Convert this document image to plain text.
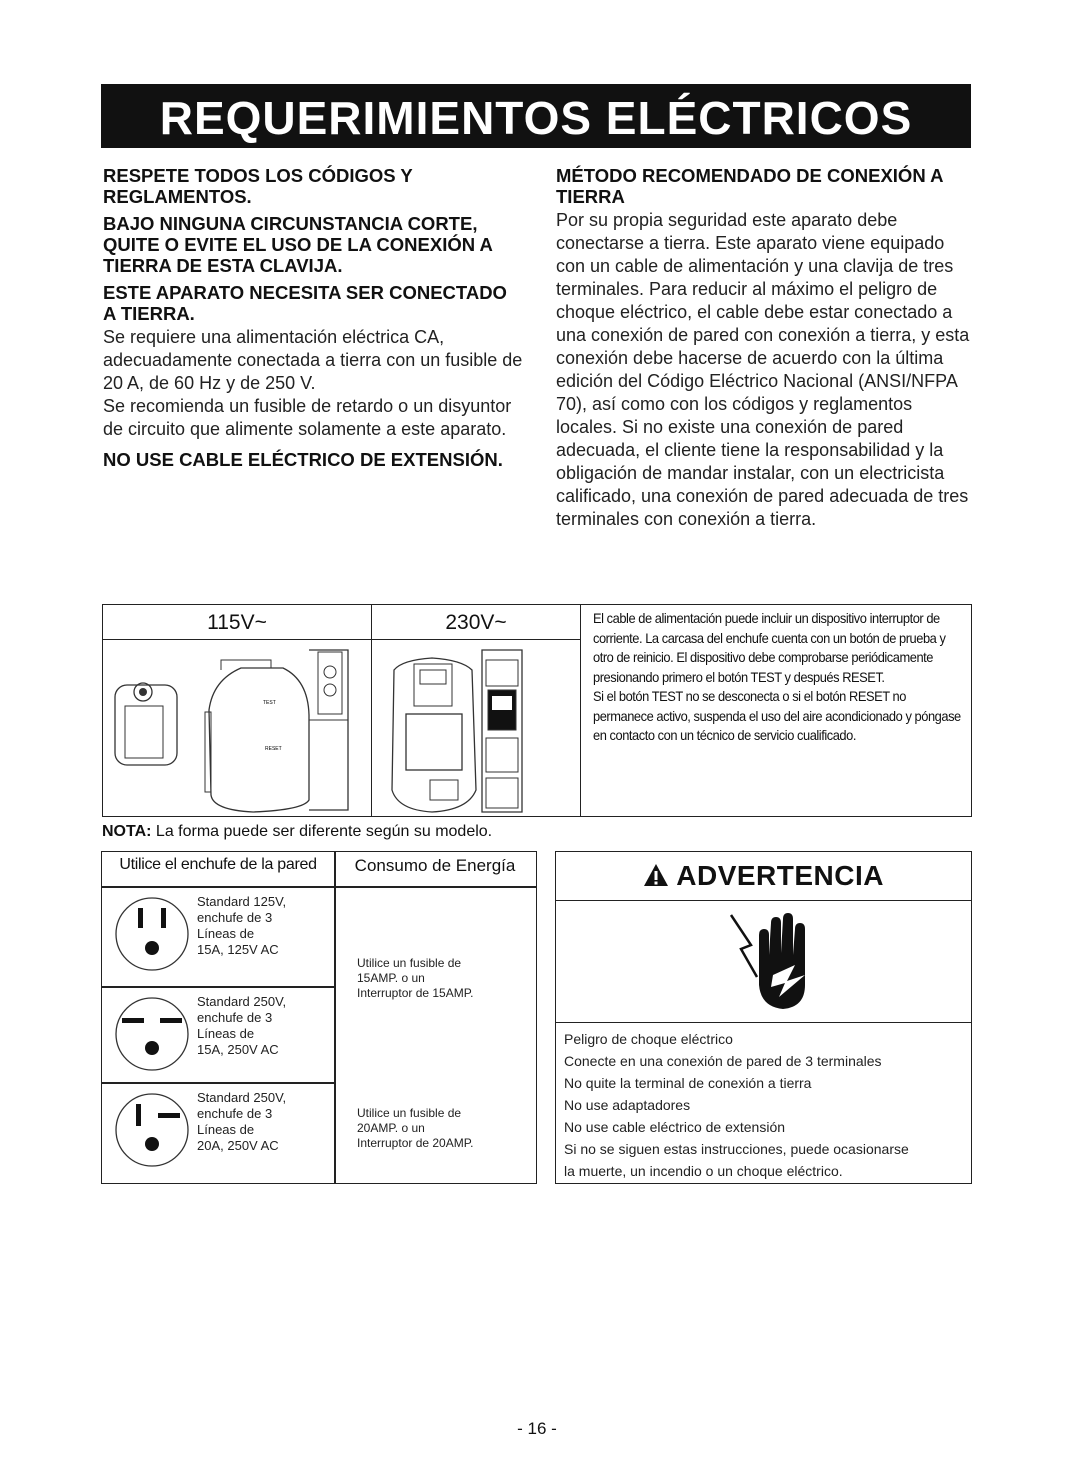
REQUERIMIENTOS ELÉCTRICOS
RESPETE TODOS LOS CÓDIGOS Y REGLAMENTOS.
BAJO NINGUNA CIRCUNSTANCIA CORTE, QUITE O EVITE EL USO DE LA CONEXIÓN A TIERRA DE ESTA CLAVIJA.
ESTE APARATO NECESITA SER CONECTADO A TIERRA.

Se requiere una alimentación eléctrica CA, adecuadamente conectada a tierra con un fusible de 20 A, de 60 Hz y de 250 V.

Se recomienda un fusible de retardo o un disyuntor de circuito que alimente solamente a este aparato.

NO USE CABLE ELÉCTRICO DE EXTENSIÓN.
MÉTODO RECOMENDADO DE CONEXIÓN A TIERRA

Por su propia seguridad este aparato debe conectarse a tierra. Este aparato viene equipado con un cable de alimentación y una clavija de tres terminales. Para reducir al máximo el peligro de choque eléctrico, el cable debe estar conectado a una conexión de pared con conexión a tierra, y esta conexión debe hacerse de acuerdo con la última edición del Código Eléctrico Nacional (ANSI/NFPA 70), así como con los códigos y reglamentos locales. Si no existe una conexión de pared adecuada, el cliente tiene la responsabilidad y la obligación de mandar instalar, con un electricista calificado, una conexión de pared adecuada de tres terminales con conexión a tierra.

115V~
TEST
RESET
230V~	El cable de alimentación puede incluir un dispositivo interruptor de corriente. La carcasa del enchufe cuenta con un botón de prueba y otro de reinicio. El dispositivo debe comprobarse periódicamente presionando primero el botón TEST y después RESET.
Si el botón TEST no se desconecta o si el botón RESET no permanece activo, suspenda el uso del aire acondicionado y póngase en contacto con un técnico de servicio cualificado.
NOTA: La forma puede ser diferente según su modelo.
Utilice el enchufe de la pared	Consumo de Energía
Standard 125V,
enchufe de 3
Líneas de
15A, 125V AC
Standard 250V,
enchufe de 3
Líneas de
15A, 250V AC
Standard 250V,
enchufe de 3
Líneas de
20A, 250V AC
Utilice un fusible de
15AMP. o un
Interruptor de 15AMP.
Utilice un fusible de
20AMP. o un
Interruptor de 20AMP.
ADVERTENCIA
Peligro de choque eléctrico
Conecte en una conexión de pared de 3 terminales
No quite la terminal de conexión a tierra
No use adaptadores
No use cable eléctrico de extensión
Si no se siguen estas instrucciones, puede ocasionarse
la muerte, un incendio o un choque eléctrico.
- 16 -
